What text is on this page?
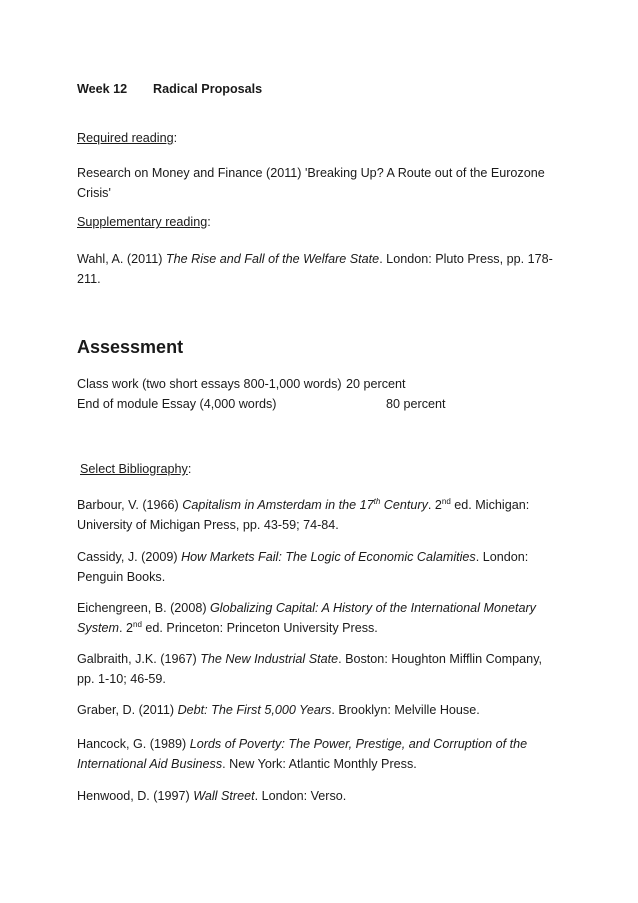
Week 12 Radical Proposals
Required reading:
Research on Money and Finance (2011) 'Breaking Up? A Route out of the Eurozone Crisis'
Supplementary reading:
Wahl, A. (2011) The Rise and Fall of the Welfare State. London: Pluto Press, pp. 178-211.
Assessment
Class work (two short essays 800-1,000 words) 20 percent
End of module Essay (4,000 words)	80 percent
Select Bibliography:
Barbour, V. (1966) Capitalism in Amsterdam in the 17th Century. 2nd ed. Michigan: University of Michigan Press, pp. 43-59; 74-84.
Cassidy, J. (2009) How Markets Fail: The Logic of Economic Calamities. London: Penguin Books.
Eichengreen, B. (2008) Globalizing Capital: A History of the International Monetary System. 2nd ed. Princeton: Princeton University Press.
Galbraith, J.K. (1967) The New Industrial State. Boston: Houghton Mifflin Company, pp. 1-10; 46-59.
Graber, D. (2011) Debt: The First 5,000 Years. Brooklyn: Melville House.
Hancock, G. (1989) Lords of Poverty: The Power, Prestige, and Corruption of the International Aid Business. New York: Atlantic Monthly Press.
Henwood, D. (1997) Wall Street. London: Verso.
